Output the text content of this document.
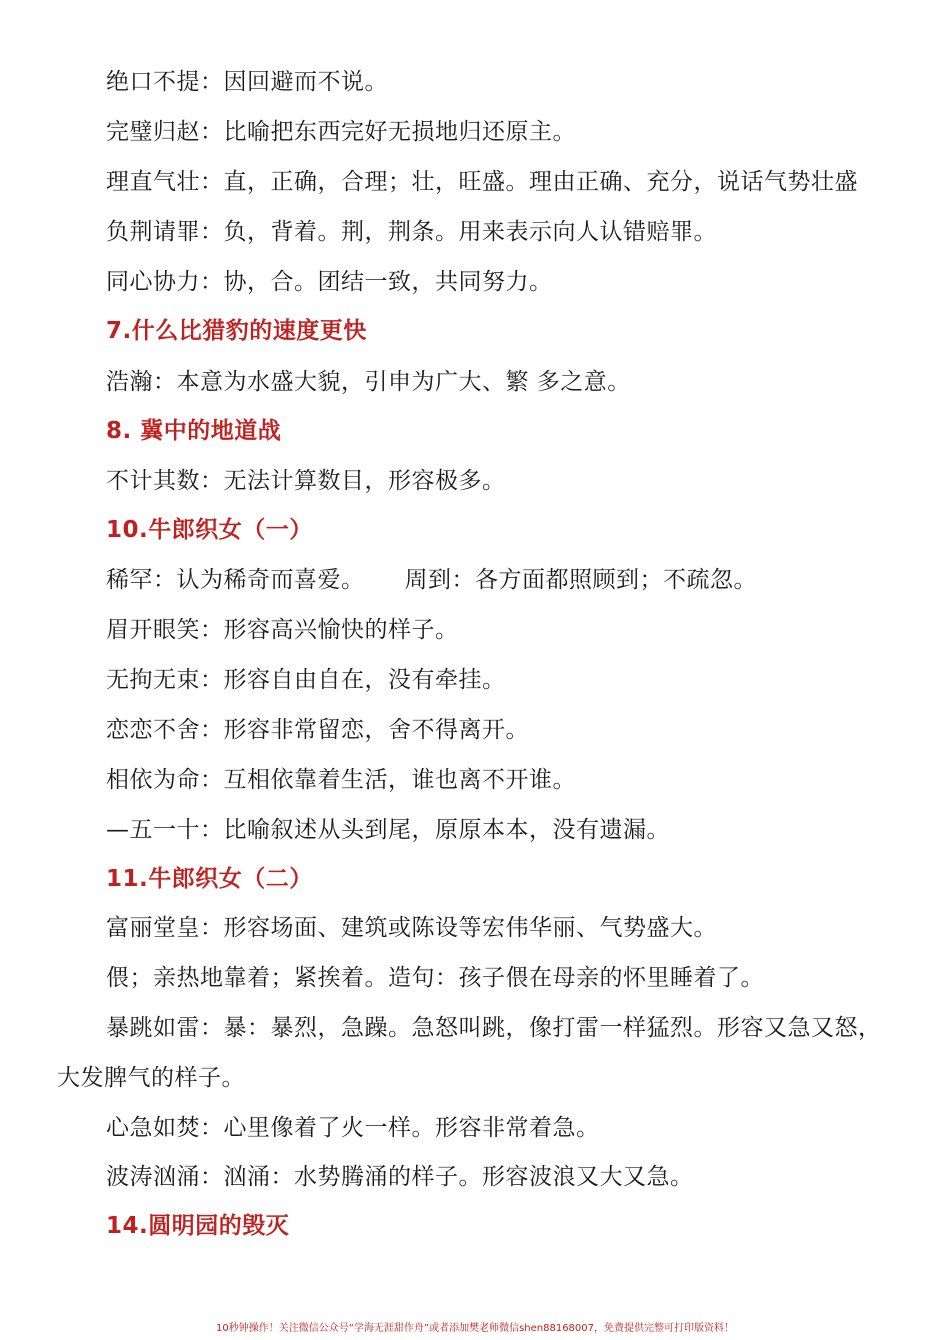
绝口不提：因回避而不说。
完璧归赵：比喻把东西完好无损地归还原主。
理直气壮：直，正确，合理；壮，旺盛。理由正确、充分，说话气势壮盛
负荆请罪：负，背着。荆，荆条。用来表示向人认错赔罪。
同心协力：协，合。团结一致，共同努力。
7.什么比猎豹的速度更快
浩瀚：本意为水盛大貌，引申为广大、繁 多之意。
8. 冀中的地道战
不计其数：无法计算数目，形容极多。
10.牛郎织女（一）
稀罕：认为稀奇而喜爱。 周到：各方面都照顾到；不疏忽。
眉开眼笑：形容高兴愉快的样子。
无拘无束：形容自由自在，没有牵挂。
恋恋不舍：形容非常留恋，舍不得离开。
相依为命：互相依靠着生活，谁也离不开谁。
—五一十：比喻叙述从头到尾，原原本本，没有遗漏。
11.牛郎织女（二）
富丽堂皇：形容场面、建筑或陈设等宏伟华丽、气势盛大。
偎；亲热地靠着；紧挨着。造句：孩子偎在母亲的怀里睡着了。
暴跳如雷：暴：暴烈，急躁。急怒叫跳，像打雷一样猛烈。形容又急又怒，
大发脾气的样子。
心急如焚：心里像着了火一样。形容非常着急。
波涛汹涌：汹涌：水势腾涌的样子。形容波浪又大又急。
14.圆明园的毁灭
10秒钟操作！关注微信公众号“学海无涯甜作舟”或者添加樊老师微信shen88168007，免费提供完整可打印版资料！
